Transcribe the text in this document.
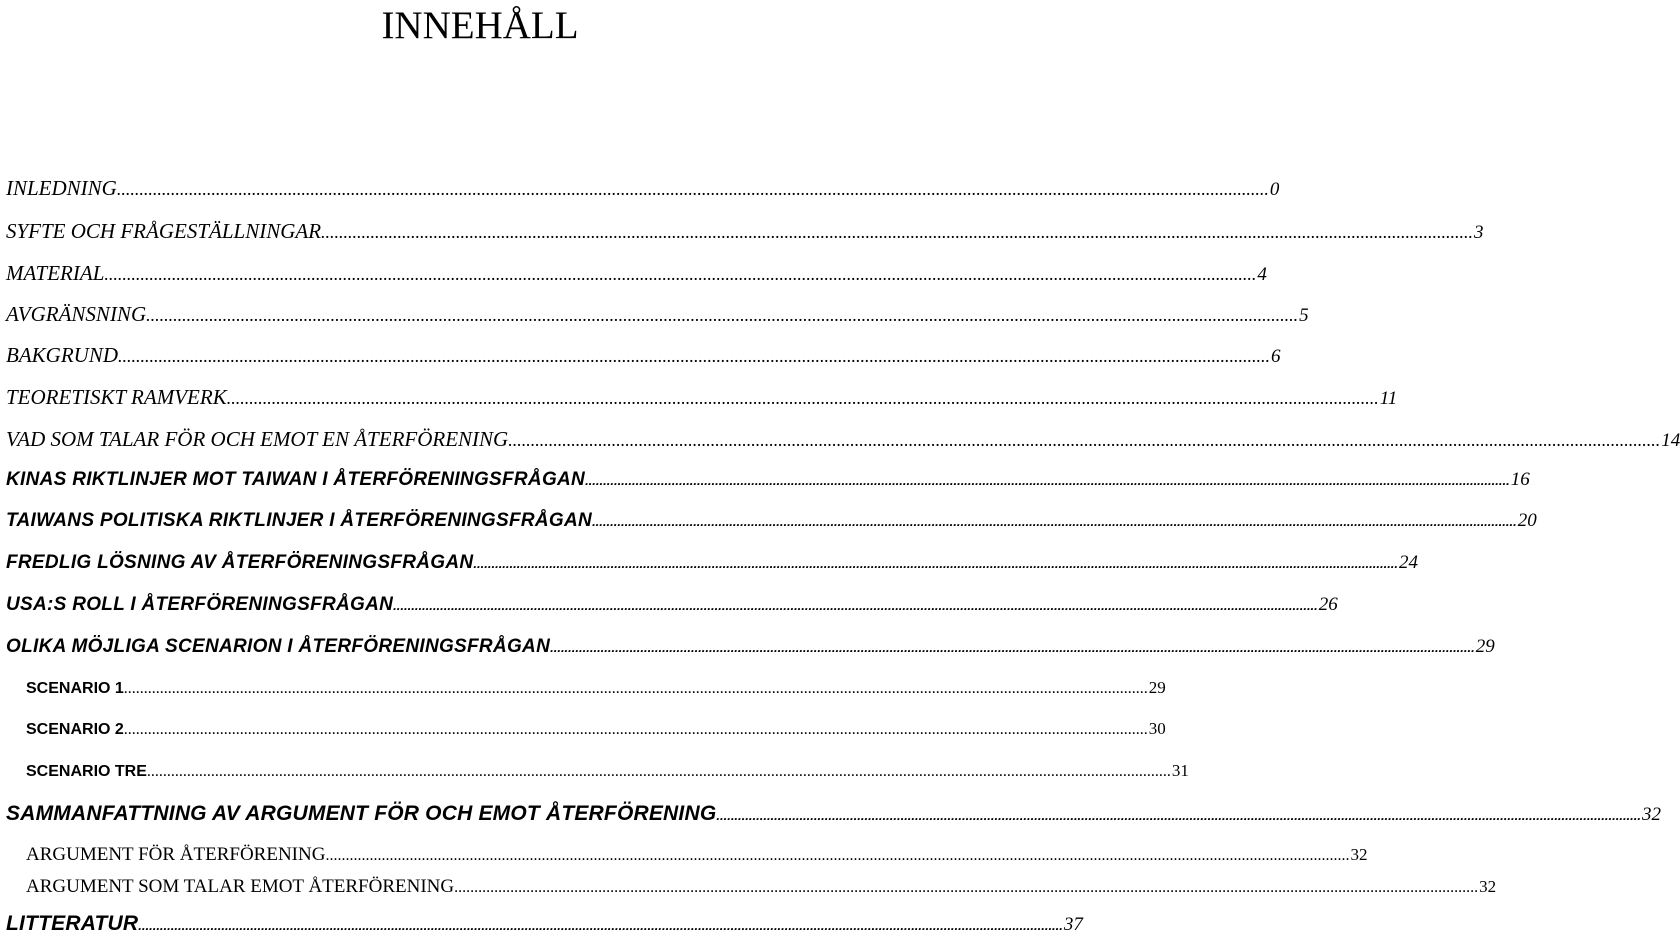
INNEHÅLL
INLEDNING ................................................................................................................................................................................................................................................................ 0
SYFTE OCH FRÅGESTÄLLNINGAR ................................................................................................................................................................................................................................................................ 3
MATERIAL ................................................................................................................................................................................................................................................................ 4
AVGRÄNSNING ................................................................................................................................................................................................................................................................ 5
BAKGRUND ................................................................................................................................................................................................................................................................ 6
TEORETISKT RAMVERK ................................................................................................................................................................................................................................................................ 11
VAD SOM TALAR FÖR OCH EMOT EN ÅTERFÖRENING ................................................................................................................................................................................................................................................................ 14
KINAS RIKTLINJER MOT TAIWAN I ÅTERFÖRENINGSFRÅGAN ................................................................................................................................................................................................................................................................ 16
TAIWANS POLITISKA RIKTLINJER I ÅTERFÖRENINGSFRÅGAN ................................................................................................................................................................................................................................................................ 20
FREDLIG LÖSNING AV ÅTERFÖRENINGSFRÅGAN ................................................................................................................................................................................................................................................................ 24
USA:S ROLL I ÅTERFÖRENINGSFRÅGAN ................................................................................................................................................................................................................................................................ 26
OLIKA MÖJLIGA SCENARION I ÅTERFÖRENINGSFRÅGAN ................................................................................................................................................................................................................................................................ 29
SCENARIO 1 ................................................................................................................................................................................................................................................................ 29
SCENARIO 2 ................................................................................................................................................................................................................................................................ 30
SCENARIO TRE ................................................................................................................................................................................................................................................................ 31
SAMMANFATTNING AV ARGUMENT FÖR OCH EMOT ÅTERFÖRENING ................................................................................................................................................................................................................................................................ 32
ARGUMENT FÖR ÅTERFÖRENING ................................................................................................................................................................................................................................................................ 32
ARGUMENT SOM TALAR EMOT ÅTERFÖRENING ................................................................................................................................................................................................................................................................ 32
LITTERATUR ................................................................................................................................................................................................................................................................ 37
